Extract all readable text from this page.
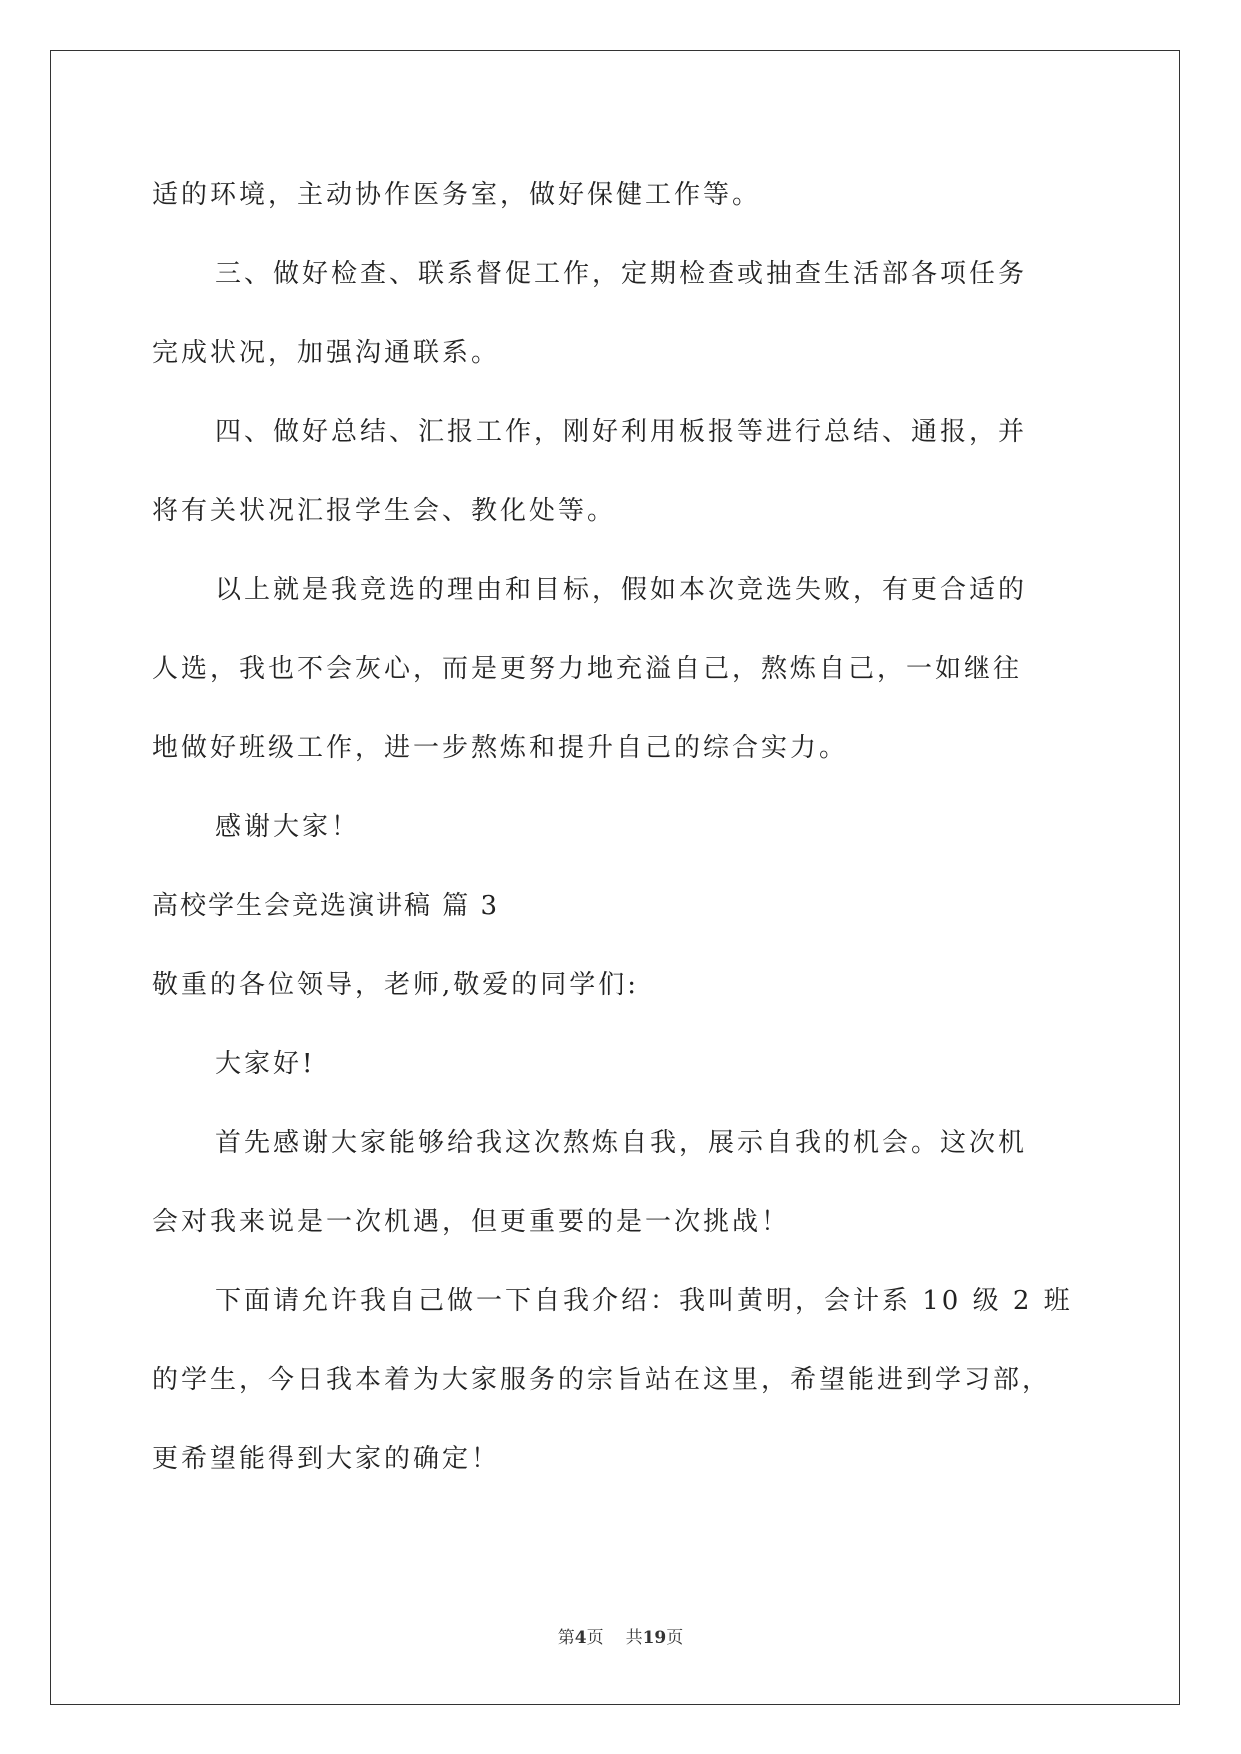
适的环境，主动协作医务室，做好保健工作等。
三、做好检查、联系督促工作，定期检查或抽查生活部各项任务
完成状况，加强沟通联系。
四、做好总结、汇报工作，刚好利用板报等进行总结、通报，并
将有关状况汇报学生会、教化处等。
以上就是我竞选的理由和目标，假如本次竞选失败，有更合适的
人选，我也不会灰心，而是更努力地充溢自己，熬炼自己，一如继往
地做好班级工作，进一步熬炼和提升自己的综合实力。
感谢大家！
高校学生会竞选演讲稿 篇 3
敬重的各位领导，老师,敬爱的同学们:
大家好!
首先感谢大家能够给我这次熬炼自我，展示自我的机会。这次机
会对我来说是一次机遇，但更重要的是一次挑战！
下面请允许我自己做一下自我介绍：我叫黄明，会计系 10 级 2 班
的学生，今日我本着为大家服务的宗旨站在这里，希望能进到学习部，
更希望能得到大家的确定！
第4页 共19页
